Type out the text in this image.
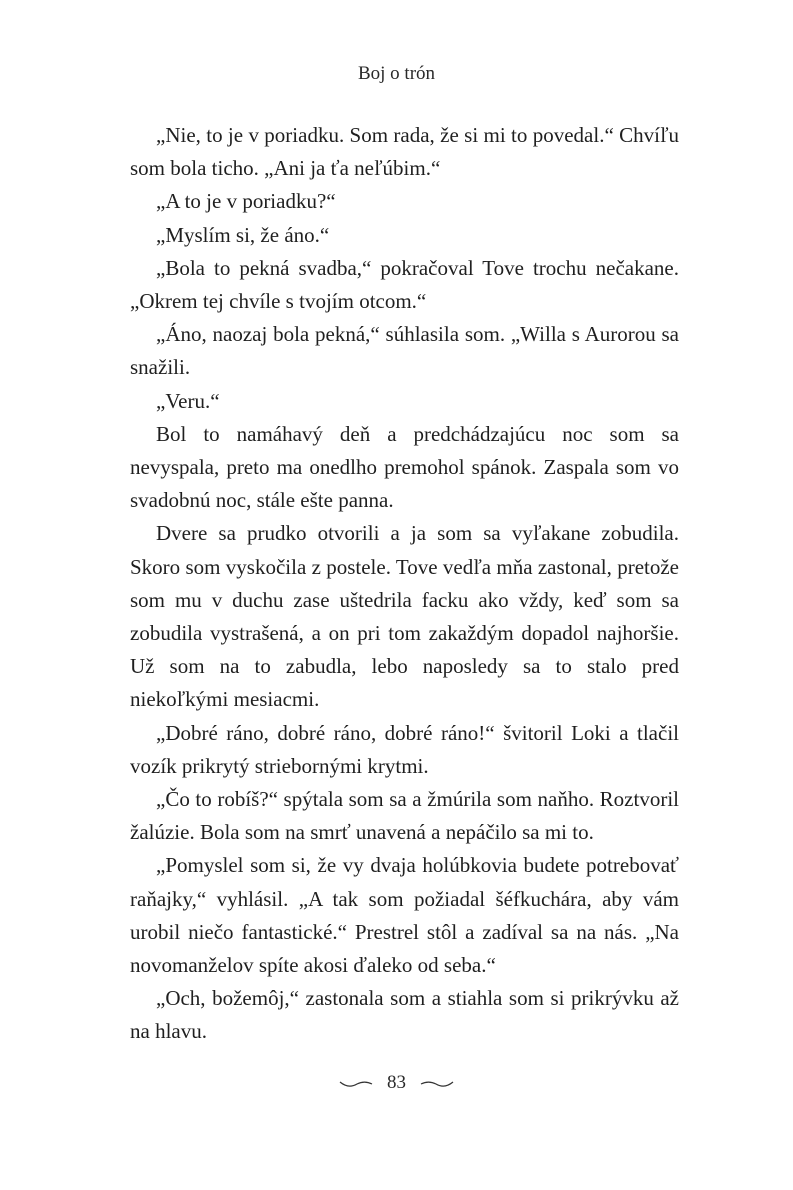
Boj o trón

„Nie, to je v poriadku. Som rada, že si mi to povedal.“ Chvíľu som bola ticho. „Ani ja ťa neľúbim.“

„A to je v poriadku?“

„Myslím si, že áno.“

„Bola to pekná svadba,“ pokračoval Tove trochu nečakane. „Okrem tej chvíle s tvojím otcom.“

„Áno, naozaj bola pekná,“ súhlasila som. „Willa s Aurorou sa snažili.

„Veru.“

Bol to namáhavý deň a predchádzajúcu noc som sa nevyspala, preto ma onedlho premohol spánok. Zaspala som vo svadobnú noc, stále ešte panna.

Dvere sa prudko otvorili a ja som sa vyľakane zobudila. Skoro som vyskočila z postele. Tove vedľa mňa zastonal, pretože som mu v duchu zase uštedrila facku ako vždy, keď som sa zobudila vystrašená, a on pri tom zakaždým dopadol najhoršie. Už som na to zabudla, lebo naposledy sa to stalo pred niekoľkými mesiacmi.

„Dobré ráno, dobré ráno, dobré ráno!“ švitoril Loki a tlačil vozík prikrytý striebornými krytmi.

„Čo to robíš?“ spýtala som sa a žmúrila som naňho. Roztvoril žalúzie. Bola som na smrť unavená a nepáčilo sa mi to.

„Pomyslel som si, že vy dvaja holúbkovia budete potrebovať raňajky,“ vyhlásil. „A tak som požiadal šéfkuchára, aby vám urobil niečo fantastické.“ Prestrel stôl a zadíval sa na nás. „Na novomanželov spíte akosi ďaleko od seba.“

„Och, božemôj,“ zastonala som a stiahla som si prikrývku až na hlavu.

83
